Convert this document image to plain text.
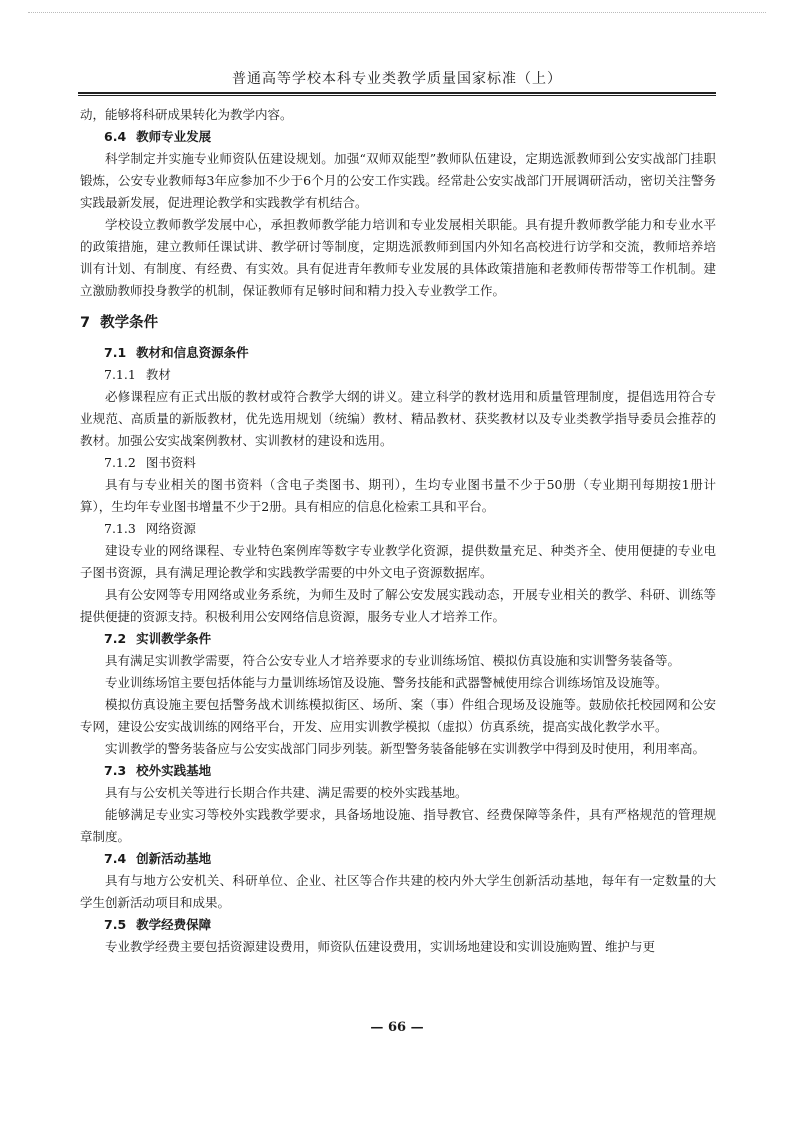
普通高等学校本科专业类教学质量国家标准（上）
动，能够将科研成果转化为教学内容。
6.4 教师专业发展
科学制定并实施专业师资队伍建设规划。加强“双师双能型”教师队伍建设，定期选派教师到公安实战部门挂职锻炼，公安专业教师每3年应参加不少于6个月的公安工作实践。经常赴公安实战部门开展调研活动，密切关注警务实践最新发展，促进理论教学和实践教学有机结合。
学校设立教师教学发展中心，承担教师教学能力培训和专业发展相关职能。具有提升教师教学能力和专业水平的政策措施，建立教师任课试讲、教学研讨等制度，定期选派教师到国内外知名高校进行访学和交流，教师培养培训有计划、有制度、有经费、有实效。具有促进青年教师专业发展的具体政策措施和老教师传帮带等工作机制。建立激励教师投身教学的机制，保证教师有足够时间和精力投入专业教学工作。
7 教学条件
7.1 教材和信息资源条件
7.1.1 教材
必修课程应有正式出版的教材或符合教学大纲的讲义。建立科学的教材选用和质量管理制度，提倡选用符合专业规范、高质量的新版教材，优先选用规划（统编）教材、精品教材、获奖教材以及专业类教学指导委员会推荐的教材。加强公安实战案例教材、实训教材的建设和选用。
7.1.2 图书资料
具有与专业相关的图书资料（含电子类图书、期刊），生均专业图书量不少于50册（专业期刊每期按1册计算），生均年专业图书增量不少于2册。具有相应的信息化检索工具和平台。
7.1.3 网络资源
建设专业的网络课程、专业特色案例库等数字专业教学化资源，提供数量充足、种类齐全、使用便捷的专业电子图书资源，具有满足理论教学和实践教学需要的中外文电子资源数据库。
具有公安网等专用网络或业务系统，为师生及时了解公安发展实践动态，开展专业相关的教学、科研、训练等提供便捷的资源支持。积极利用公安网络信息资源，服务专业人才培养工作。
7.2 实训教学条件
具有满足实训教学需要，符合公安专业人才培养要求的专业训练场馆、模拟仿真设施和实训警务装备等。
专业训练场馆主要包括体能与力量训练场馆及设施、警务技能和武器警械使用综合训练场馆及设施等。
模拟仿真设施主要包括警务战术训练模拟街区、场所、案（事）件组合现场及设施等。鼓励依托校园网和公安专网，建设公安实战训练的网络平台，开发、应用实训教学模拟（虚拟）仿真系统，提高实战化教学水平。
实训教学的警务装备应与公安实战部门同步列装。新型警务装备能够在实训教学中得到及时使用，利用率高。
7.3 校外实践基地
具有与公安机关等进行长期合作共建、满足需要的校外实践基地。
能够满足专业实习等校外实践教学要求，具备场地设施、指导教官、经费保障等条件，具有严格规范的管理规章制度。
7.4 创新活动基地
具有与地方公安机关、科研单位、企业、社区等合作共建的校内外大学生创新活动基地，每年有一定数量的大学生创新活动项目和成果。
7.5 教学经费保障
专业教学经费主要包括资源建设费用，师资队伍建设费用，实训场地建设和实训设施购置、维护与更
— 66 —
